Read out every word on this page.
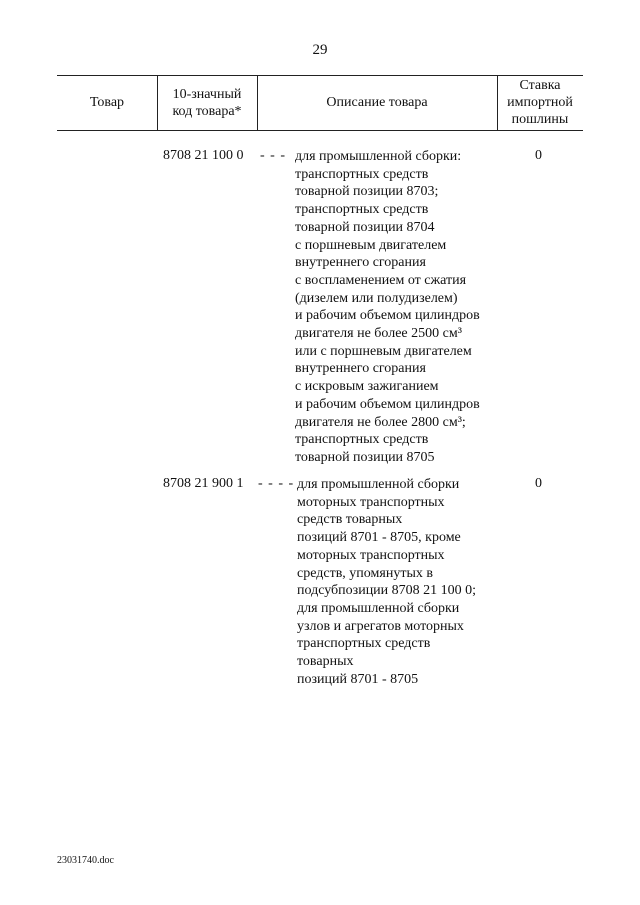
29
Товар
10-значный
код товара*
Описание товара
Ставка
импортной
пошлины
8708 21 100 0 - - - для промышленной сборки:
транспортных средств
товарной позиции 8703;
транспортных средств
товарной позиции 8704
с поршневым двигателем
внутреннего сгорания
с воспламенением от сжатия
(дизелем или полудизелем)
и рабочим объемом цилиндров
двигателя не более 2500 см³
или с поршневым двигателем
внутреннего сгорания
с искровым зажиганием
и рабочим объемом цилиндров
двигателя не более 2800 см³;
транспортных средств
товарной позиции 8705
0
8708 21 900 1 - - - - для промышленной сборки
моторных транспортных
средств товарных
позиций 8701 - 8705, кроме
моторных транспортных
средств, упомянутых в
подсубпозиции 8708 21 100 0;
для промышленной сборки
узлов и агрегатов моторных
транспортных средств
товарных
позиций 8701 - 8705
0
23031740.doc
